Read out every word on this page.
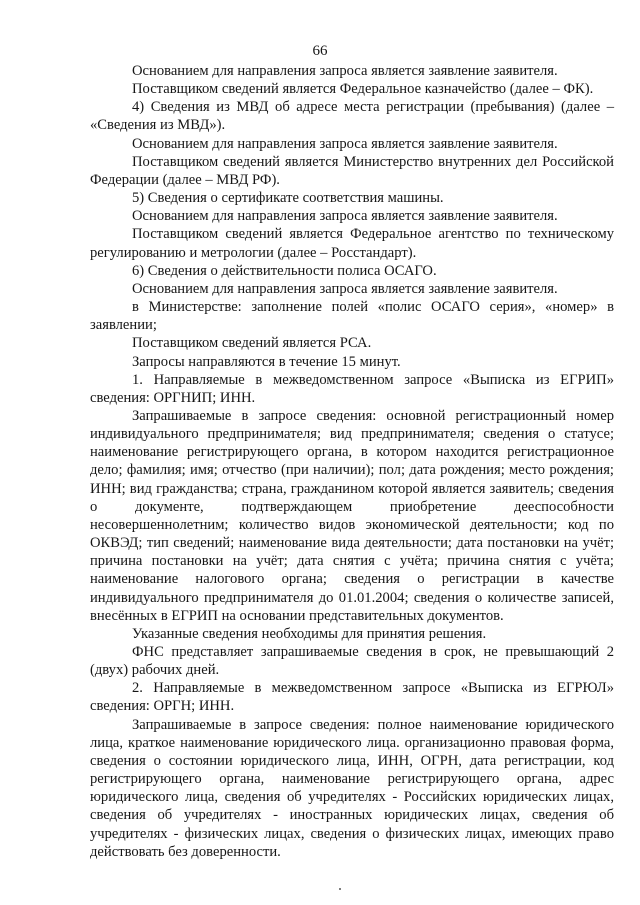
66

Основанием для направления запроса является заявление заявителя.

Поставщиком сведений является Федеральное казначейство (далее – ФК).

4) Сведения из МВД об адресе места регистрации (пребывания) (далее – «Сведения из МВД»).

Основанием для направления запроса является заявление заявителя.

Поставщиком сведений является Министерство внутренних дел Российской Федерации (далее – МВД РФ).

5) Сведения о сертификате соответствия машины.

Основанием для направления запроса является заявление заявителя.

Поставщиком сведений является Федеральное агентство по техническому регулированию и метрологии (далее – Росстандарт).

6) Сведения о действительности полиса ОСАГО.

Основанием для направления запроса является заявление заявителя.

в Министерстве: заполнение полей «полис ОСАГО серия», «номер» в заявлении;

Поставщиком сведений является РСА.

Запросы направляются в течение 15 минут.

1. Направляемые в межведомственном запросе «Выписка из ЕГРИП» сведения: ОРГНИП; ИНН.

Запрашиваемые в запросе сведения: основной регистрационный номер индивидуального предпринимателя; вид предпринимателя; сведения о статусе; наименование регистрирующего органа, в котором находится регистрационное дело; фамилия; имя; отчество (при наличии); пол; дата рождения; место рождения; ИНН; вид гражданства; страна, гражданином которой является заявитель; сведения о документе, подтверждающем приобретение дееспособности несовершеннолетним; количество видов экономической деятельности; код по ОКВЭД; тип сведений; наименование вида деятельности; дата постановки на учёт; причина постановки на учёт; дата снятия с учёта; причина снятия с учёта; наименование налогового органа; сведения о регистрации в качестве индивидуального предпринимателя до 01.01.2004; сведения о количестве записей, внесённых в ЕГРИП на основании представительных документов.

Указанные сведения необходимы для принятия решения.

ФНС представляет запрашиваемые сведения в срок, не превышающий 2 (двух) рабочих дней.

2. Направляемые в межведомственном запросе «Выписка из ЕГРЮЛ» сведения: ОРГН; ИНН.

Запрашиваемые в запросе сведения: полное наименование юридического лица, краткое наименование юридического лица. организационно правовая форма, сведения о состоянии юридического лица, ИНН, ОГРН, дата регистрации, код регистрирующего органа, наименование регистрирующего органа, адрес юридического лица, сведения об учредителях - Российских юридических лицах, сведения об учредителях - иностранных юридических лицах, сведения об учредителях - физических лицах, сведения о физических лицах, имеющих право действовать без доверенности.
